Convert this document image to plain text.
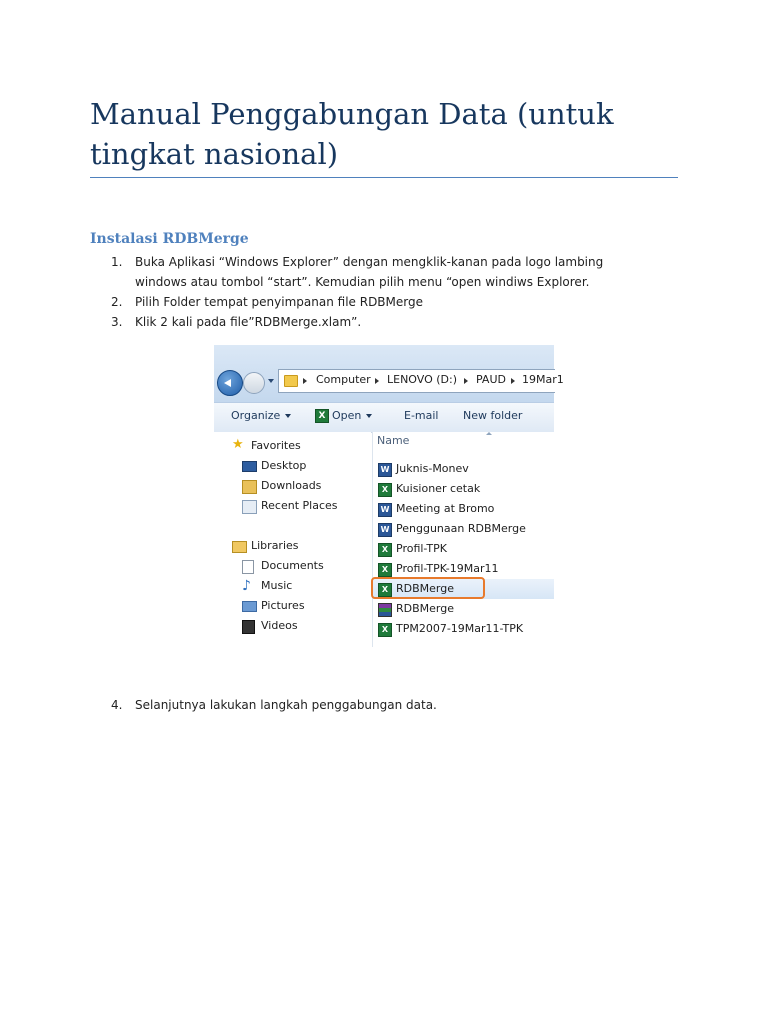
Manual Penggabungan Data (untuk tingkat nasional)
Instalasi RDBMerge
1. Buka Aplikasi “Windows Explorer” dengan mengklik-kanan pada logo lambing windows atau tombol “start”. Kemudian pilih menu “open windiws Explorer.
2. Pilih Folder tempat penyimpanan file RDBMerge
3. Klik 2 kali pada file”RDBMerge.xlam”.
Computer LENOVO (D:) PAUD 19Mar1
Organize	X Open	E-mail New folder
★ Favorites
Desktop
Downloads
Recent Places
Libraries
Documents
♪ Music
Pictures
Videos
Name
W Juknis-Monev
X Kuisioner cetak
W Meeting at Bromo
W Penggunaan RDBMerge
X Profil-TPK
X Profil-TPK-19Mar11
X RDBMerge
RDBMerge
X TPM2007-19Mar11-TPK
4. Selanjutnya lakukan langkah penggabungan data.
